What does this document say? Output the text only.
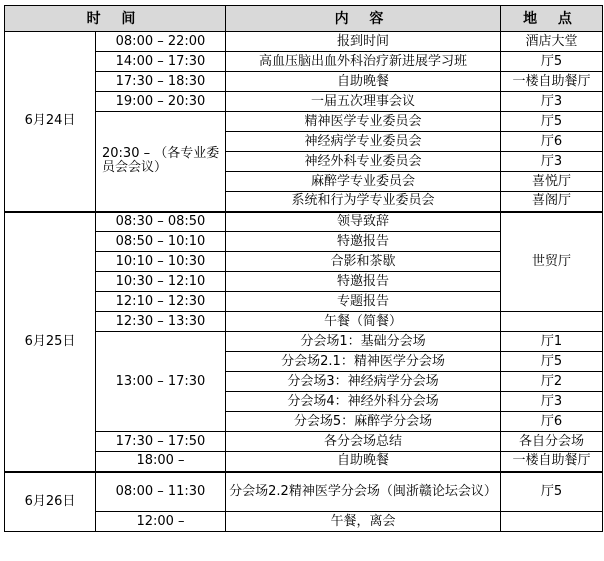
时 间		内 容	地 点
6月24日	08:00 – 22:00	报到时间	酒店大堂
	14:00 – 17:30	高血压脑出血外科治疗新进展学习班	厅5
	17:30 – 18:30	自助晚餐	一楼自助餐厅
	19:00 – 20:30	一届五次理事会议	厅3
	20:30 – （各专业委员会会议）	精神医学专业委员会	厅5
		神经病学专业委员会	厅6
		神经外科专业委员会	厅3
		麻醉学专业委员会	喜悦厅
		系统和行为学专业委员会	喜阁厅
6月25日	08:30 – 08:50	领导致辞	世贸厅
	08:50 – 10:10	特邀报告	
	10:10 – 10:30	合影和茶歇	
	10:30 – 12:10	特邀报告	
	12:10 – 12:30	专题报告	
	12:30 – 13:30	午餐（简餐）	
	13:00 – 17:30	分会场1：基础分会场	厅1
		分会场2.1：精神医学分会场	厅5
		分会场3：神经病学分会场	厅2
		分会场4：神经外科分会场	厅3
		分会场5：麻醉学分会场	厅6
	17:30 – 17:50	各分会场总结	各自分会场
	18:00 –	自助晚餐	一楼自助餐厅
6月26日	08:00 – 11:30	分会场2.2精神医学分会场（闽浙赣论坛会议）	厅5
	12:00 –	午餐，离会	
